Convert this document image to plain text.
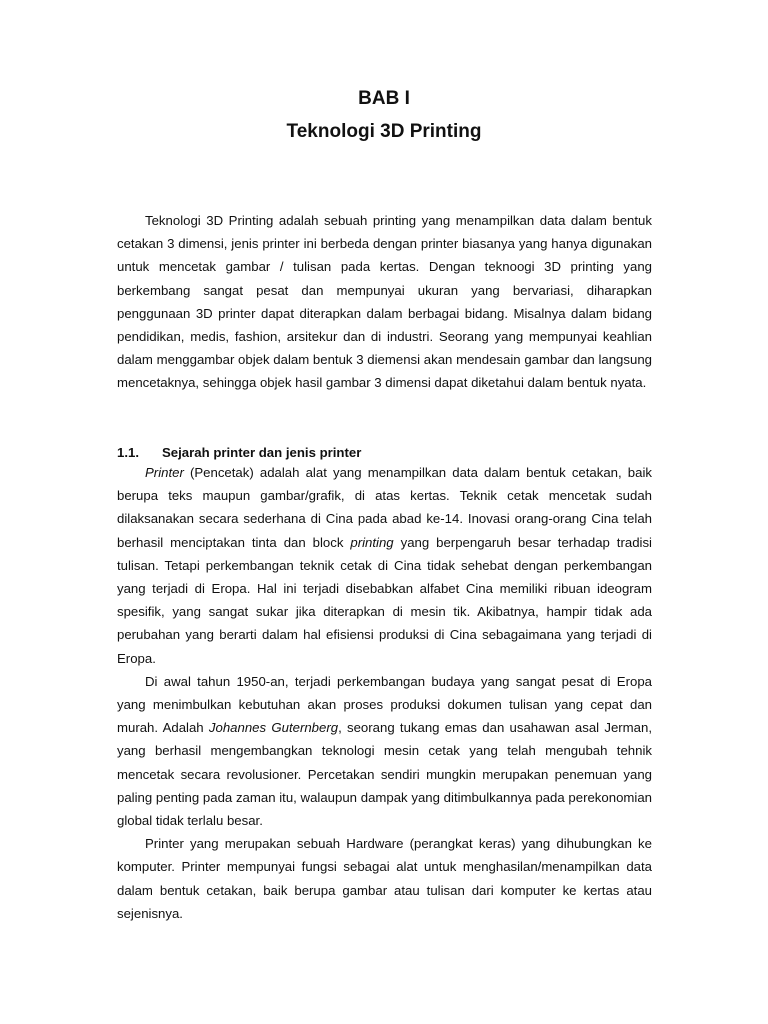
BAB I
Teknologi 3D Printing

Teknologi 3D Printing adalah sebuah printing yang menampilkan data dalam bentuk cetakan 3 dimensi, jenis printer ini berbeda dengan printer biasanya yang hanya digunakan untuk mencetak gambar / tulisan pada kertas. Dengan teknoogi 3D printing yang berkembang sangat pesat dan mempunyai ukuran yang bervariasi, diharapkan penggunaan 3D printer dapat diterapkan dalam berbagai bidang. Misalnya dalam bidang pendidikan, medis, fashion, arsitekur dan di industri. Seorang yang mempunyai keahlian dalam menggambar objek dalam bentuk 3 diemensi akan mendesain gambar dan langsung mencetaknya, sehingga objek hasil gambar 3 dimensi dapat diketahui dalam bentuk nyata.

1.1. Sejarah printer dan jenis printer

Printer (Pencetak) adalah alat yang menampilkan data dalam bentuk cetakan, baik berupa teks maupun gambar/grafik, di atas kertas. Teknik cetak mencetak sudah dilaksanakan secara sederhana di Cina pada abad ke-14. Inovasi orang-orang Cina telah berhasil menciptakan tinta dan block printing yang berpengaruh besar terhadap tradisi tulisan. Tetapi perkembangan teknik cetak di Cina tidak sehebat dengan perkembangan yang terjadi di Eropa. Hal ini terjadi disebabkan alfabet Cina memiliki ribuan ideogram spesifik, yang sangat sukar jika diterapkan di mesin tik. Akibatnya, hampir tidak ada perubahan yang berarti dalam hal efisiensi produksi di Cina sebagaimana yang terjadi di Eropa.

Di awal tahun 1950-an, terjadi perkembangan budaya yang sangat pesat di Eropa yang menimbulkan kebutuhan akan proses produksi dokumen tulisan yang cepat dan murah. Adalah Johannes Guternberg, seorang tukang emas dan usahawan asal Jerman, yang berhasil mengembangkan teknologi mesin cetak yang telah mengubah tehnik mencetak secara revolusioner. Percetakan sendiri mungkin merupakan penemuan yang paling penting pada zaman itu, walaupun dampak yang ditimbulkannya pada perekonomian global tidak terlalu besar.

Printer yang merupakan sebuah Hardware (perangkat keras) yang dihubungkan ke komputer. Printer mempunyai fungsi sebagai alat untuk menghasilan/menampilkan data dalam bentuk cetakan, baik berupa gambar atau tulisan dari komputer ke kertas atau sejenisnya.
